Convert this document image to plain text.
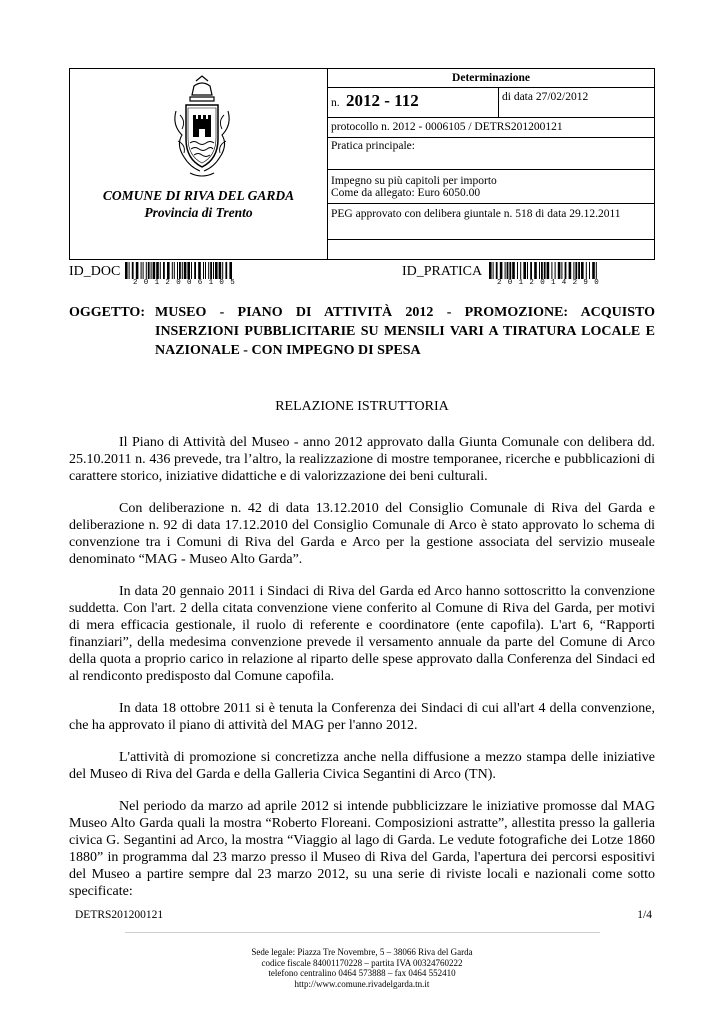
COMUNE DI RIVA DEL GARDA
Provincia di Trento
Determinazione
n. 2012 - 112	di data 27/02/2012
protocollo n. 2012 - 0006105 / DETRS201200121
Pratica principale:
Impegno su più capitoli per importo
Come da allegato: Euro 6050.00
PEG approvato con delibera giuntale n. 518 di data 29.12.2011
ID_DOC
2012006105
ID_PRATICA
2012014290
OGGETTO: MUSEO - PIANO DI ATTIVITÀ 2012 - PROMOZIONE: ACQUISTO INSERZIONI PUBBLICITARIE SU MENSILI VARI A TIRATURA LOCALE E NAZIONALE - CON IMPEGNO DI SPESA
RELAZIONE ISTRUTTORIA

Il Piano di Attività del Museo - anno 2012 approvato dalla Giunta Comunale con delibera dd. 25.10.2011 n. 436 prevede, tra l’altro, la realizzazione di mostre temporanee, ricerche e pubblicazioni di carattere storico, iniziative didattiche e di valorizzazione dei beni culturali.

Con deliberazione n. 42 di data 13.12.2010 del Consiglio Comunale di Riva del Garda e deliberazione n. 92 di data 17.12.2010 del Consiglio Comunale di Arco è stato approvato lo schema di convenzione tra i Comuni di Riva del Garda e Arco per la gestione associata del servizio museale denominato “MAG - Museo Alto Garda”.

In data 20 gennaio 2011 i Sindaci di Riva del Garda ed Arco hanno sottoscritto la convenzione suddetta. Con l'art. 2 della citata convenzione viene conferito al Comune di Riva del Garda, per motivi di mera efficacia gestionale, il ruolo di referente e coordinatore (ente capofila). L'art 6, “Rapporti finanziari”, della medesima convenzione prevede il versamento annuale da parte del Comune di Arco della quota a proprio carico in relazione al riparto delle spese approvato dalla Conferenza del Sindaci ed al rendiconto predisposto dal Comune capofila.

In data 18 ottobre 2011 si è tenuta la Conferenza dei Sindaci di cui all'art 4 della convenzione, che ha approvato il piano di attività del MAG per l'anno 2012.

L'attività di promozione si concretizza anche nella diffusione a mezzo stampa delle iniziative del Museo di Riva del Garda e della Galleria Civica Segantini di Arco (TN).

Nel periodo da marzo ad aprile 2012 si intende pubblicizzare le iniziative promosse dal MAG Museo Alto Garda quali la mostra “Roberto Floreani. Composizioni astratte”, allestita presso la galleria civica G. Segantini ad Arco, la mostra “Viaggio al lago di Garda. Le vedute fotografiche dei Lotze 1860 1880” in programma dal 23 marzo presso il Museo di Riva del Garda, l'apertura dei percorsi espositivi del Museo a partire sempre dal 23 marzo 2012, su una serie di riviste locali e nazionali come sotto specificate:

DETRS201200121	1/4
Sede legale: Piazza Tre Novembre, 5 – 38066 Riva del Garda
codice fiscale 84001170228 – partita IVA 00324760222
telefono centralino 0464 573888 – fax 0464 552410
http://www.comune.rivadelgarda.tn.it
